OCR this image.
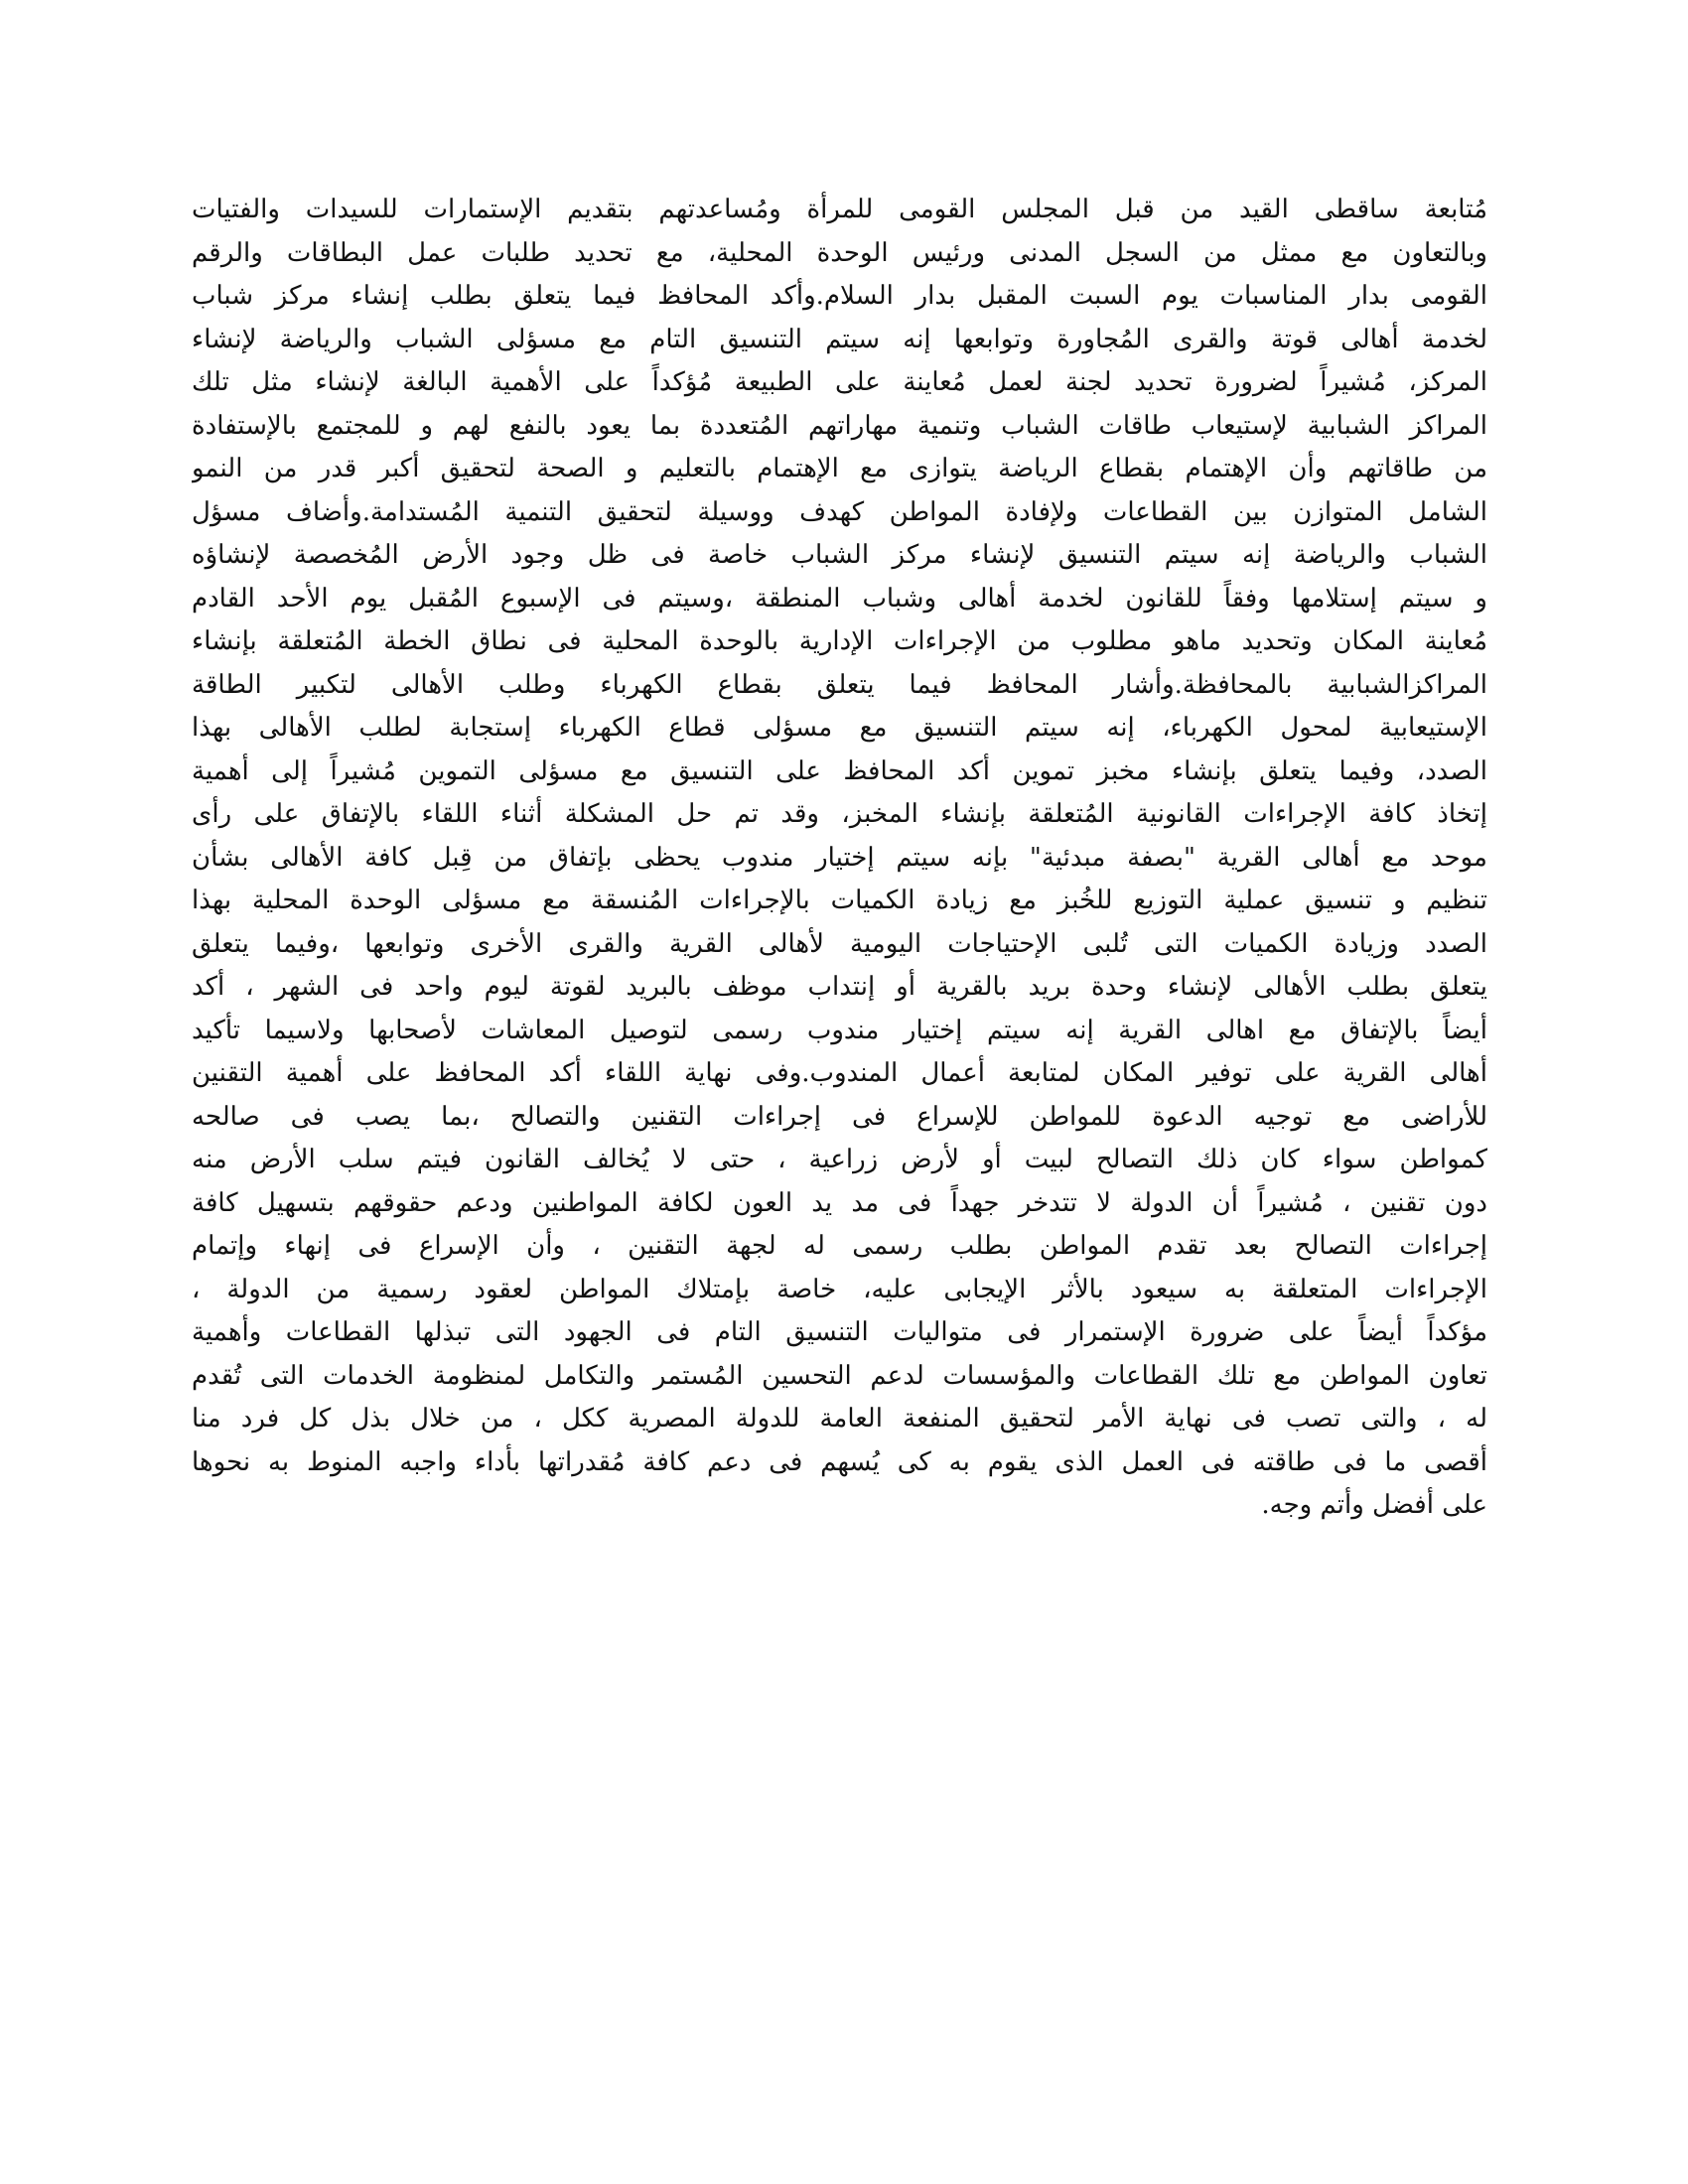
مُتابعة ساقطى القيد من قبل المجلس القومى للمرأة ومُساعدتهم بتقديم الإستمارات للسيدات والفتيات
وبالتعاون مع ممثل من السجل المدنى ورئيس الوحدة المحلية، مع تحديد طلبات عمل البطاقات والرقم
القومى بدار المناسبات يوم السبت المقبل بدار السلام.وأكد المحافظ فيما يتعلق بطلب إنشاء مركز شباب
لخدمة أهالى قوتة والقرى المُجاورة وتوابعها إنه سيتم التنسيق التام مع مسؤلى الشباب والرياضة لإنشاء
المركز، مُشيراً لضرورة تحديد لجنة لعمل مُعاينة على الطبيعة مُؤكداً على الأهمية البالغة لإنشاء مثل تلك
المراكز الشبابية لإستيعاب طاقات الشباب وتنمية مهاراتهم المُتعددة بما يعود بالنفع لهم و للمجتمع بالإستفادة
من طاقاتهم وأن الإهتمام بقطاع الرياضة يتوازى مع الإهتمام بالتعليم و الصحة لتحقيق أكبر قدر من النمو
الشامل المتوازن بين القطاعات ولإفادة المواطن كهدف ووسيلة لتحقيق التنمية المُستدامة.وأضاف مسؤل
الشباب والرياضة إنه سيتم التنسيق لإنشاء مركز الشباب خاصة فى ظل وجود الأرض المُخصصة لإنشاؤه
و سيتم إستلامها وفقاً للقانون لخدمة أهالى وشباب المنطقة ،وسيتم فى الإسبوع المُقبل يوم الأحد القادم
مُعاينة المكان وتحديد ماهو مطلوب من الإجراءات الإدارية بالوحدة المحلية فى نطاق الخطة المُتعلقة بإنشاء
المراكزالشبابية بالمحافظة.وأشار المحافظ فيما يتعلق بقطاع الكهرباء وطلب الأهالى لتكبير الطاقة
الإستيعابية لمحول الكهرباء، إنه سيتم التنسيق مع مسؤلى قطاع الكهرباء إستجابة لطلب الأهالى بهذا
الصدد، وفيما يتعلق بإنشاء مخبز تموين أكد المحافظ على التنسيق مع مسؤلى التموين مُشيراً إلى أهمية
إتخاذ كافة الإجراءات القانونية المُتعلقة بإنشاء المخبز، وقد تم حل المشكلة أثناء اللقاء بالإتفاق على رأى
موحد مع أهالى القرية "بصفة مبدئية" بإنه سيتم إختيار مندوب يحظى بإتفاق من قِبل كافة الأهالى بشأن
تنظيم و تنسيق عملية التوزيع للخُبز مع زيادة الكميات بالإجراءات المُنسقة مع مسؤلى الوحدة المحلية بهذا
الصدد وزيادة الكميات التى تُلبى الإحتياجات اليومية لأهالى القرية والقرى الأخرى وتوابعها ،وفيما يتعلق
يتعلق بطلب الأهالى لإنشاء وحدة بريد بالقرية أو إنتداب موظف بالبريد لقوتة ليوم واحد فى الشهر ، أكد
أيضاً بالإتفاق مع اهالى القرية إنه سيتم إختيار مندوب رسمى لتوصيل المعاشات لأصحابها ولاسيما تأكيد
أهالى القرية على توفير المكان لمتابعة أعمال المندوب.وفى نهاية اللقاء أكد المحافظ على أهمية التقنين
للأراضى مع توجيه الدعوة للمواطن للإسراع فى إجراءات التقنين والتصالح ،بما يصب فى صالحه
كمواطن سواء كان ذلك التصالح لبيت أو لأرض زراعية ، حتى لا يُخالف القانون فيتم سلب الأرض منه
دون تقنين ، مُشيراً أن الدولة لا تتدخر جهداً فى مد يد العون لكافة المواطنين ودعم حقوقهم بتسهيل كافة
إجراءات التصالح بعد تقدم المواطن بطلب رسمى له لجهة التقنين ، وأن الإسراع فى إنهاء وإتمام
الإجراءات المتعلقة به سيعود بالأثر الإيجابى عليه، خاصة بإمتلاك المواطن لعقود رسمية من الدولة ،
مؤكداً أيضاً على ضرورة الإستمرار فى متواليات التنسيق التام فى الجهود التى تبذلها القطاعات وأهمية
تعاون المواطن مع تلك القطاعات والمؤسسات لدعم التحسين المُستمر والتكامل لمنظومة الخدمات التى تُقدم
له ، والتى تصب فى نهاية الأمر لتحقيق المنفعة العامة للدولة المصرية ككل ، من خلال بذل كل فرد منا
أقصى ما فى طاقته فى العمل الذى يقوم به كى يُسهم فى دعم كافة مُقدراتها بأداء واجبه المنوط به نحوها
على أفضل وأتم وجه.
